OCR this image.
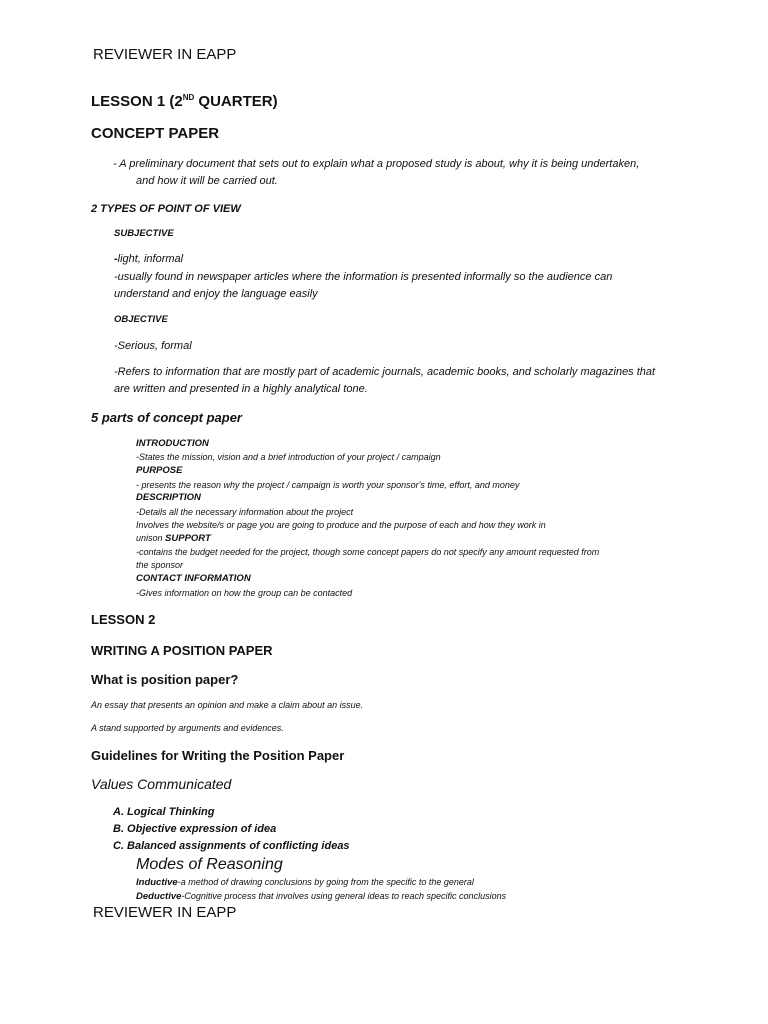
REVIEWER IN EAPP
LESSON 1 (2ND QUARTER)
CONCEPT PAPER
- A preliminary document that sets out to explain what a proposed study is about, why it is being undertaken,
and how it will be carried out.
2 TYPES OF POINT OF VIEW
SUBJECTIVE
-light, informal
-usually found in newspaper articles where the information is presented informally so the audience can
understand and enjoy the language easily
OBJECTIVE
-Serious, formal
-Refers to information that are mostly part of academic journals, academic books, and scholarly magazines that
are written and presented in a highly analytical tone.
5 parts of concept paper
INTRODUCTION
-States the mission, vision and a brief introduction of your project / campaign
PURPOSE
- presents the reason why the project / campaign is worth your sponsor's time, effort, and money
DESCRIPTION
-Details all the necessary information about the project
Involves the website/s or page you are going to produce and the purpose of each and how they work in
unison SUPPORT
-contains the budget needed for the project, though some concept papers do not specify any amount requested from
the sponsor
CONTACT INFORMATION
-Gives information on how the group can be contacted
LESSON 2
WRITING A POSITION PAPER
What is position paper?
An essay that presents an opinion and make a claim about an issue.
A stand supported by arguments and evidences.
Guidelines for Writing the Position Paper
Values Communicated
A. Logical Thinking
B. Objective expression of idea
C. Balanced assignments of conflicting ideas
Modes of Reasoning
Inductive-a method of drawing conclusions by going from the specific to the general
Deductive-Cognitive process that involves using general ideas to reach specific conclusions
REVIEWER IN EAPP
